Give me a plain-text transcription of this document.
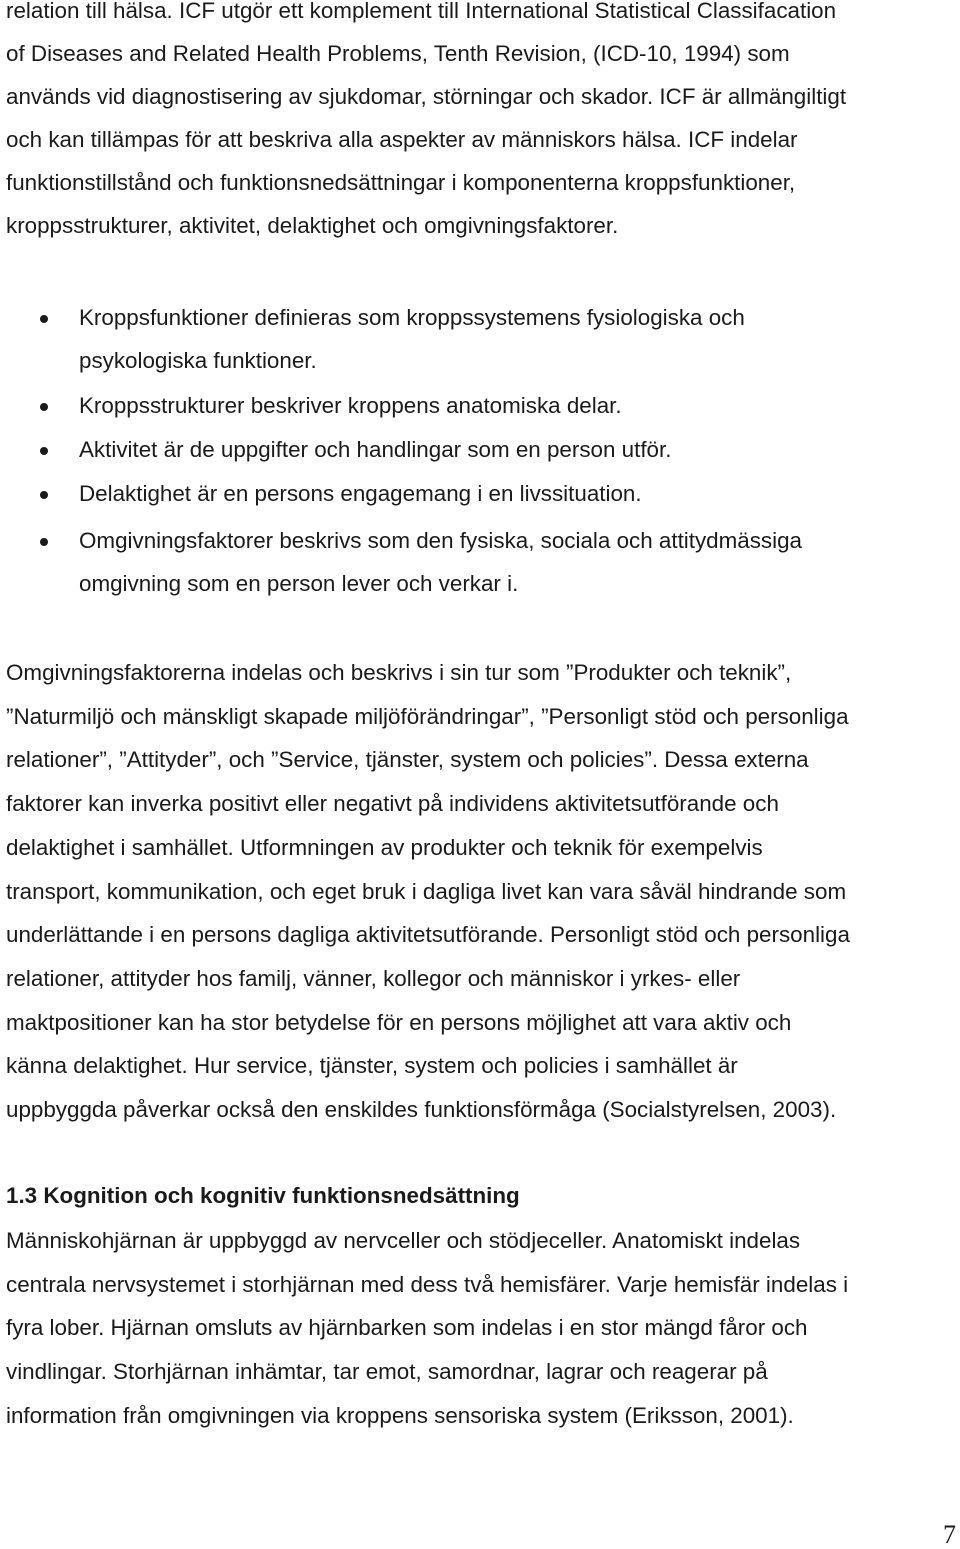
relation till hälsa. ICF utgör ett komplement till International Statistical Classifacation
of Diseases and Related Health Problems, Tenth Revision, (ICD-10, 1994) som
används vid diagnostisering av sjukdomar, störningar och skador. ICF är allmängiltigt
och kan tillämpas för att beskriva alla aspekter av människors hälsa. ICF indelar
funktionstillstånd och funktionsnedsättningar i komponenterna kroppsfunktioner,
kroppsstrukturer, aktivitet, delaktighet och omgivningsfaktorer.
Kroppsfunktioner definieras som kroppssystemens fysiologiska och
psykologiska funktioner.
Kroppsstrukturer beskriver kroppens anatomiska delar.
Aktivitet är de uppgifter och handlingar som en person utför.
Delaktighet är en persons engagemang i en livssituation.
Omgivningsfaktorer beskrivs som den fysiska, sociala och attitydmässiga
omgivning som en person lever och verkar i.
Omgivningsfaktorerna indelas och beskrivs i sin tur som ”Produkter och teknik”,
”Naturmiljö och mänskligt skapade miljöförändringar”, ”Personligt stöd och personliga
relationer”, ”Attityder”, och ”Service, tjänster, system och policies”. Dessa externa
faktorer kan inverka positivt eller negativt på individens aktivitetsutförande och
delaktighet i samhället. Utformningen av produkter och teknik för exempelvis
transport, kommunikation, och eget bruk i dagliga livet kan vara såväl hindrande som
underlättande i en persons dagliga aktivitetsutförande. Personligt stöd och personliga
relationer, attityder hos familj, vänner, kollegor och människor i yrkes- eller
maktpositioner kan ha stor betydelse för en persons möjlighet att vara aktiv och
känna delaktighet. Hur service, tjänster, system och policies i samhället är
uppbyggda påverkar också den enskildes funktionsförmåga (Socialstyrelsen, 2003).
1.3 Kognition och kognitiv funktionsnedsättning
Människohjärnan är uppbyggd av nervceller och stödjeceller. Anatomiskt indelas
centrala nervsystemet i storhjärnan med dess två hemisfärer. Varje hemisfär indelas i
fyra lober. Hjärnan omsluts av hjärnbarken som indelas i en stor mängd fåror och
vindlingar. Storhjärnan inhämtar, tar emot, samordnar, lagrar och reagerar på
information från omgivningen via kroppens sensoriska system (Eriksson, 2001).
7
